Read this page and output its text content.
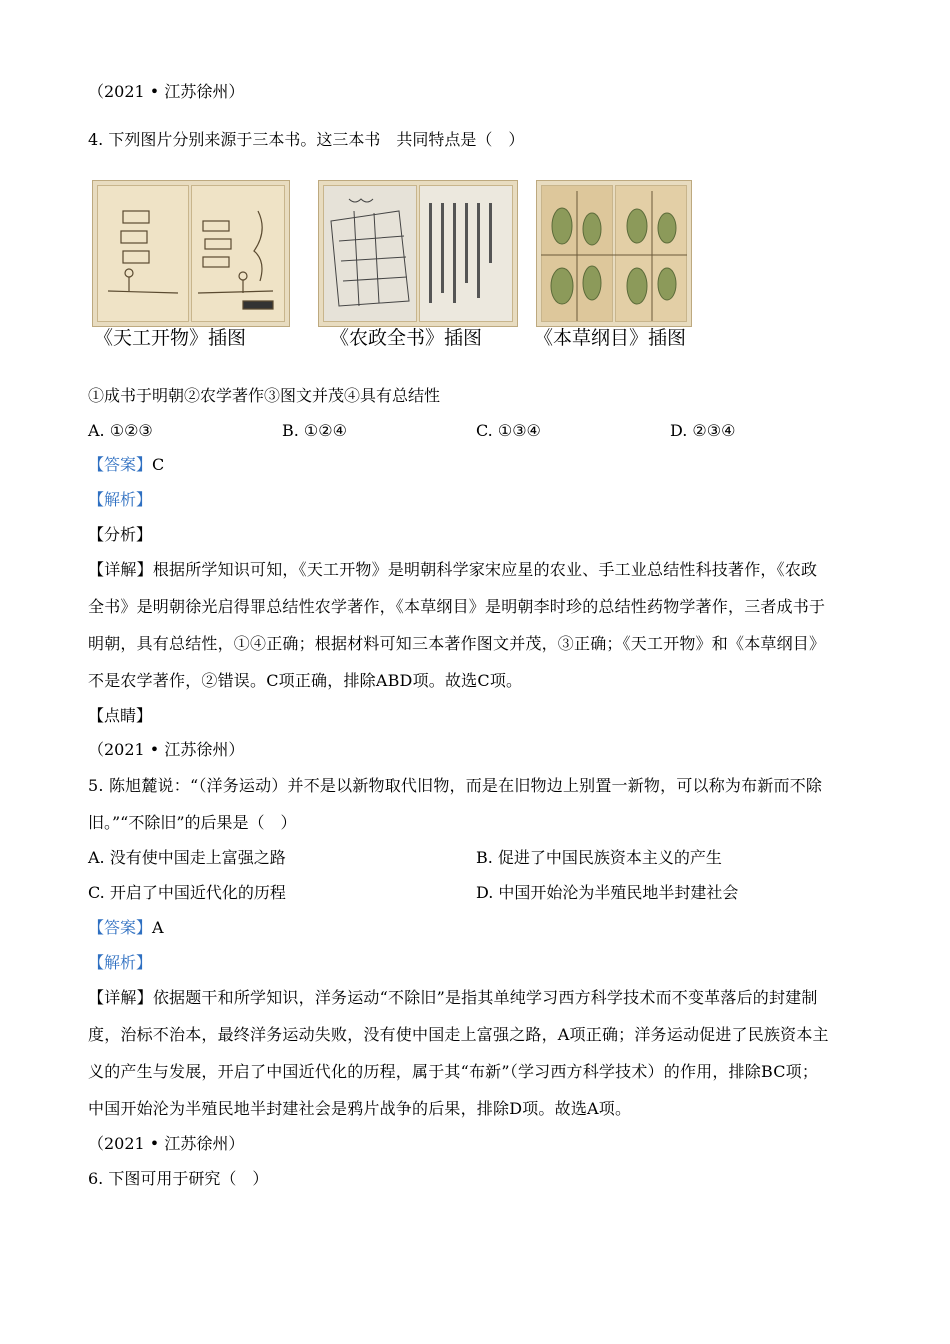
（2021 • 江苏徐州）
4. 下列图片分别来源于三本书。这三本书　共同特点是（　）
《天工开物》插图	《农政全书》插图	《本草纲目》插图
①成书于明朝②农学著作③图文并茂④具有总结性
A. ①②③	B. ①②④	C. ①③④	D. ②③④
【答案】C
【解析】
【分析】
【详解】根据所学知识可知，《天工开物》是明朝科学家宋应星的农业、手工业总结性科技著作，《农政
全书》是明朝徐光启得罪总结性农学著作，《本草纲目》是明朝李时珍的总结性药物学著作，三者成书于
明朝，具有总结性，①④正确；根据材料可知三本著作图文并茂，③正确；《天工开物》和《本草纲目》
不是农学著作，②错误。C项正确，排除ABD项。故选C项。
【点睛】
（2021 • 江苏徐州）
5. 陈旭麓说：“（洋务运动）并不是以新物取代旧物，而是在旧物边上别置一新物，可以称为布新而不除
旧。”“不除旧”的后果是（　）
A. 没有使中国走上富强之路	B. 促进了中国民族资本主义的产生
C. 开启了中国近代化的历程	D. 中国开始沦为半殖民地半封建社会
【答案】A
【解析】
【详解】依据题干和所学知识，洋务运动“不除旧”是指其单纯学习西方科学技术而不变革落后的封建制
度，治标不治本，最终洋务运动失败，没有使中国走上富强之路，A项正确；洋务运动促进了民族资本主
义的产生与发展，开启了中国近代化的历程，属于其“布新”（学习西方科学技术）的作用，排除BC项；
中国开始沦为半殖民地半封建社会是鸦片战争的后果，排除D项。故选A项。
（2021 • 江苏徐州）
6. 下图可用于研究（　）
